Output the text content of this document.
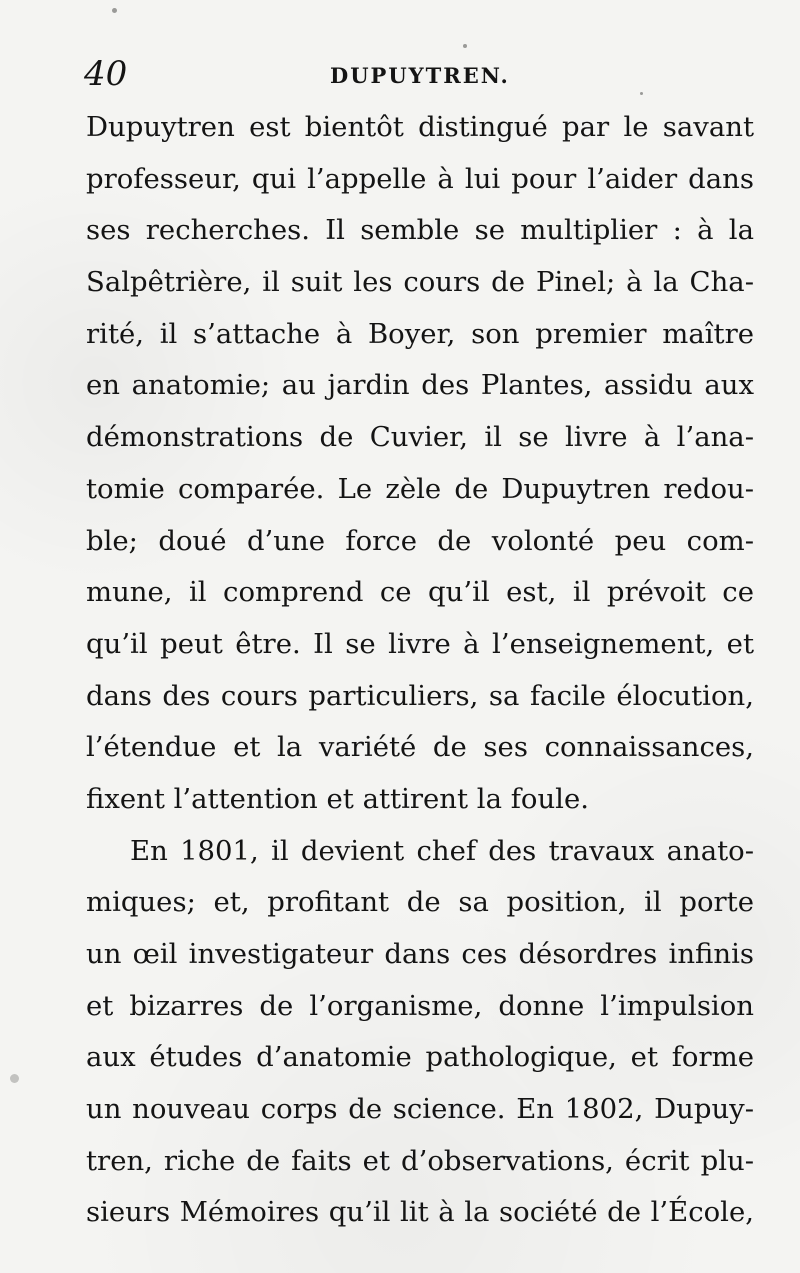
40	DUPUYTREN.
Dupuytren est bientôt distingué par le savant
professeur, qui l’appelle à lui pour l’aider dans
ses recherches. Il semble se multiplier : à la
Salpêtrière, il suit les cours de Pinel; à la Cha-
rité, il s’attache à Boyer, son premier maître
en anatomie; au jardin des Plantes, assidu aux
démonstrations de Cuvier, il se livre à l’ana-
tomie comparée. Le zèle de Dupuytren redou-
ble; doué d’une force de volonté peu com-
mune, il comprend ce qu’il est, il prévoit ce
qu’il peut être. Il se livre à l’enseignement, et
dans des cours particuliers, sa facile élocution,
l’étendue et la variété de ses connaissances,
fixent l’attention et attirent la foule.
En 1801, il devient chef des travaux anato-
miques; et, profitant de sa position, il porte
un œil investigateur dans ces désordres infinis
et bizarres de l’organisme, donne l’impulsion
aux études d’anatomie pathologique, et forme
un nouveau corps de science. En 1802, Dupuy-
tren, riche de faits et d’observations, écrit plu-
sieurs Mémoires qu’il lit à la société de l’École,
